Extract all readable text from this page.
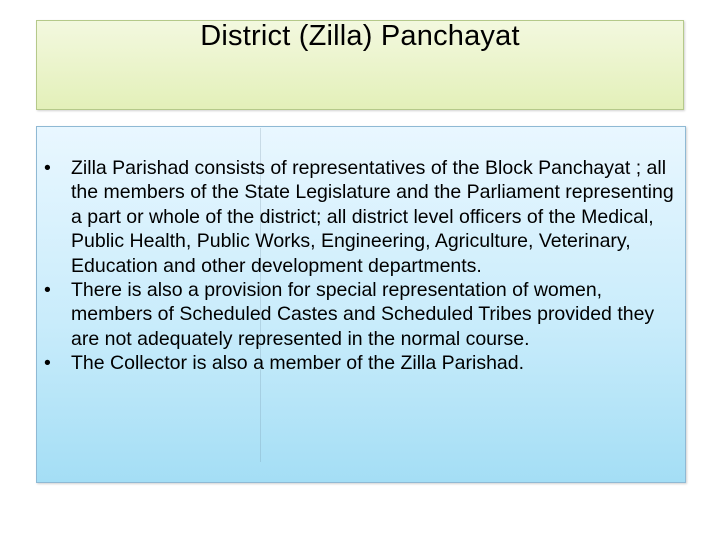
District (Zilla) Panchayat
• Zilla Parishad consists of representatives of the Block Panchayat ; all the members of the State Legislature and the Parliament representing a part or whole of the district; all district level officers of the Medical, Public Health, Public Works, Engineering, Agriculture, Veterinary, Education and other development departments.
• There is also a provision for special representation of women, members of Scheduled Castes and Scheduled Tribes provided they are not adequately represented in the normal course.
• The Collector is also a member of the Zilla Parishad.
